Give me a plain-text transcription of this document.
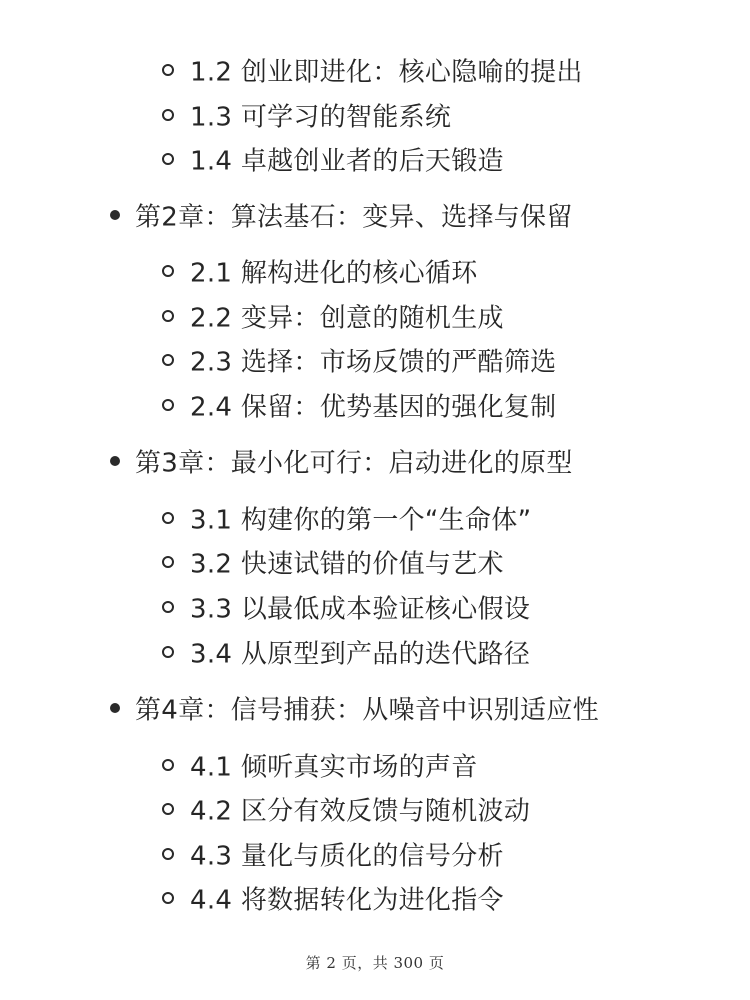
1.2 创业即进化：核心隐喻的提出
1.3 可学习的智能系统
1.4 卓越创业者的后天锻造
第2章：算法基石：变异、选择与保留
2.1 解构进化的核心循环
2.2 变异：创意的随机生成
2.3 选择：市场反馈的严酷筛选
2.4 保留：优势基因的强化复制
第3章：最小化可行：启动进化的原型
3.1 构建你的第一个“生命体”
3.2 快速试错的价值与艺术
3.3 以最低成本验证核心假设
3.4 从原型到产品的迭代路径
第4章：信号捕获：从噪音中识别适应性
4.1 倾听真实市场的声音
4.2 区分有效反馈与随机波动
4.3 量化与质化的信号分析
4.4 将数据转化为进化指令
第 2 页，共 300 页
